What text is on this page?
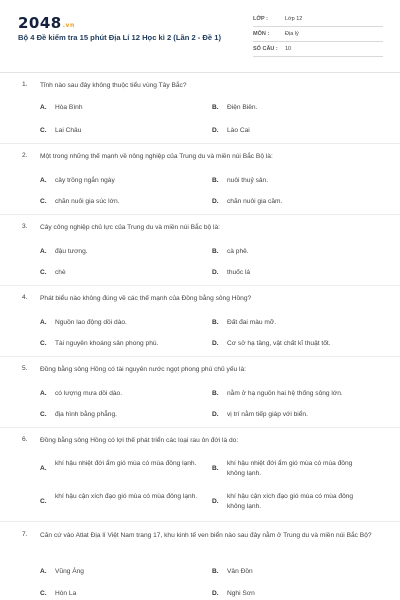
2048.vn
Bộ 4 Đề kiểm tra 15 phút Địa Lí 12 Học kì 2 (Lần 2 - Đề 1)
LỚP :	Lớp 12
MÔN :	Địa lý
SỐ CÂU : 10
1. Tỉnh nào sau đây không thuộc tiểu vùng Tây Bắc?
A. Hòa Bình	B. Điện Biên.
C. Lai Châu	D. Lào Cai
2. Một trong những thế mạnh về nông nghiệp của Trung du và miền núi Bắc Bộ là:
A. cây trồng ngắn ngày	B. nuôi thuỷ sản.
C. chăn nuôi gia súc lớn.	D. chăn nuôi gia cầm.
3. Cây công nghiệp chủ lực của Trung du và miền núi Bắc bộ là:
A. đậu tương.	B. cà phê.
C. chè	D. thuốc lá
4. Phát biểu nào không đúng về các thế mạnh của Đồng bằng sông Hồng?
A. Nguồn lao động dồi dào.	B. Đất đai màu mỡ.
C. Tài nguyên khoáng sản phong phú.	D. Cơ sở hạ tầng, vật chất kĩ thuật tốt.
5. Đồng bằng sông Hồng có tài nguyên nước ngọt phong phú chủ yếu là:
A. có lượng mưa dồi dào.	B. nằm ở hạ nguồn hai hệ thống sông lớn.
C. địa hình bằng phẳng.	D. vị trí nằm tiếp giáp với biển.
6. Đồng bằng sông Hồng có lợi thế phát triển các loại rau ôn đới là do:
A.
khí hậu nhiệt đới ẩm gió mùa có mùa đông lạnh.
B.
khí hậu nhiệt đới ẩm gió mùa có mùa đông không lạnh.
C.
khí hậu cận xích đạo gió mùa có mùa đông lạnh.
D.
khí hậu cận xích đạo gió mùa có mùa đông không lạnh.
7. Căn cứ vào Atlat Địa lí Việt Nam trang 17, khu kinh tế ven biển nào sau đây nằm ở Trung du và miền núi Bắc Bộ?
A. Vũng Áng	B. Vân Đồn
C. Hòn La	D. Nghi Sơn
